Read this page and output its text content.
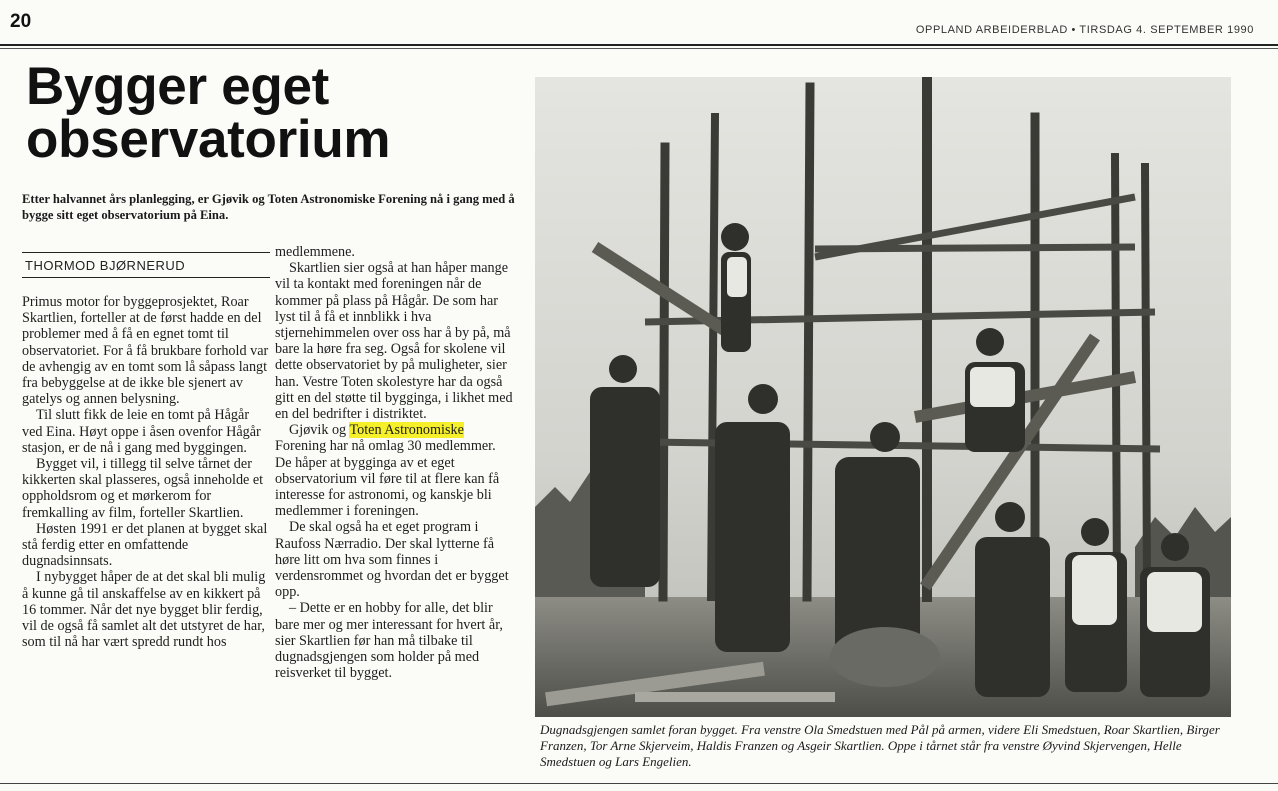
20	OPPLAND ARBEIDERBLAD • TIRSDAG 4. SEPTEMBER 1990
Bygger eget
observatorium
Etter halvannet års planlegging, er Gjøvik og Toten Astronomiske Forening nå i gang med å bygge sitt eget observatorium på Eina.
THORMOD BJØRNERUD

Primus motor for byggeprosjektet, Roar Skartlien, forteller at de først hadde en del problemer med å få en egnet tomt til observatoriet. For å få brukbare forhold var de avhengig av en tomt som lå såpass langt fra bebyggelse at de ikke ble sjenert av gatelys og annen belysning.

Til slutt fikk de leie en tomt på Hågår ved Eina. Høyt oppe i åsen ovenfor Hågår stasjon, er de nå i gang med byggingen.

Bygget vil, i tillegg til selve tårnet der kikkerten skal plasseres, også inneholde et oppholdsrom og et mørkerom for fremkalling av film, forteller Skartlien.

Høsten 1991 er det planen at bygget skal stå ferdig etter en omfattende dugnadsinnsats.

I nybygget håper de at det skal bli mulig å kunne gå til anskaffelse av en kikkert på 16 tommer. Når det nye bygget blir ferdig, vil de også få samlet alt det utstyret de har, som til nå har vært spredd rundt hos

medlemmene.

Skartlien sier også at han håper mange vil ta kontakt med foreningen når de kommer på plass på Hågår. De som har lyst til å få et innblikk i hva stjernehimmelen over oss har å by på, må bare la høre fra seg. Også for skolene vil dette observatoriet by på muligheter, sier han. Vestre Toten skolestyre har da også gitt en del støtte til bygginga, i likhet med en del bedrifter i distriktet.

Gjøvik og Toten Astronomiske Forening har nå omlag 30 medlemmer. De håper at bygginga av et eget observatorium vil føre til at flere kan få interesse for astronomi, og kanskje bli medlemmer i foreningen.

De skal også ha et eget program i Raufoss Nærradio. Der skal lytterne få høre litt om hva som finnes i verdensrommet og hvordan det er bygget opp.

– Dette er en hobby for alle, det blir bare mer og mer interessant for hvert år, sier Skartlien før han må tilbake til dugnadsgjengen som holder på med reisverket til bygget.

Dugnadsgjengen samlet foran bygget. Fra venstre Ola Smedstuen med Pål på armen, videre Eli Smedstuen, Roar Skartlien, Birger Franzen, Tor Arne Skjerveim, Haldis Franzen og Asgeir Skartlien. Oppe i tårnet står fra venstre Øyvind Skjervengen, Helle Smedstuen og Lars Engelien.
